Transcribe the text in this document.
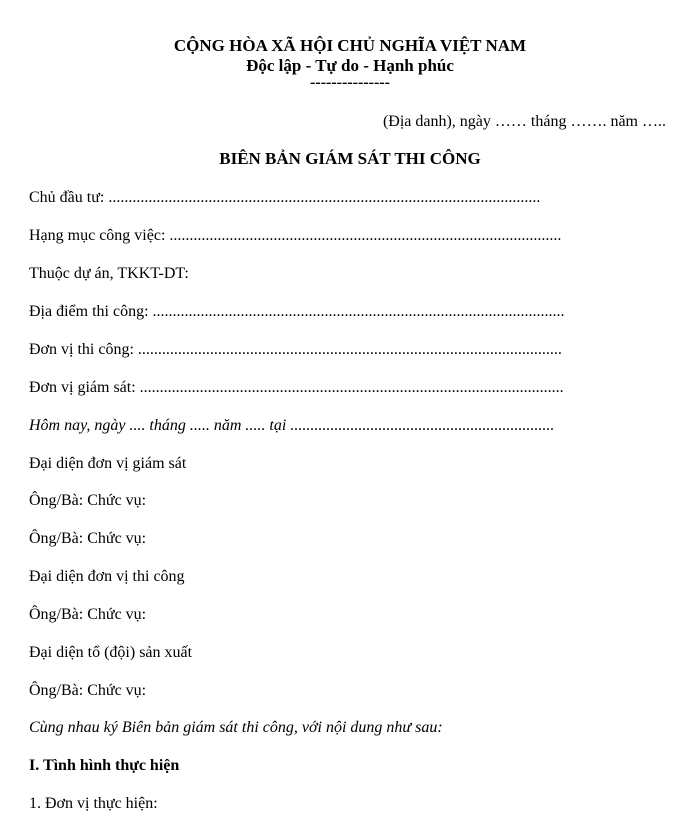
CỘNG HÒA XÃ HỘI CHỦ NGHĨA VIỆT NAM
Độc lập - Tự do - Hạnh phúc
---------------
(Địa danh), ngày …… tháng ……. năm …..
BIÊN BẢN GIÁM SÁT THI CÔNG
Chủ đầu tư: ............................................................................................................
Hạng mục công việc: ..................................................................................................
Thuộc dự án, TKKT-DT:
Địa điểm thi công: .......................................................................................................
Đơn vị thi công: ..........................................................................................................
Đơn vị giám sát: ..........................................................................................................
Hôm nay, ngày .... tháng ..... năm ..... tại ..................................................................
Đại diện đơn vị giám sát
Ông/Bà: Chức vụ:
Ông/Bà: Chức vụ:
Đại diện đơn vị thi công
Ông/Bà: Chức vụ:
Đại diện tổ (đội) sản xuất
Ông/Bà: Chức vụ:
Cùng nhau ký Biên bản giám sát thi công, với nội dung như sau:
I. Tình hình thực hiện
1. Đơn vị thực hiện:
